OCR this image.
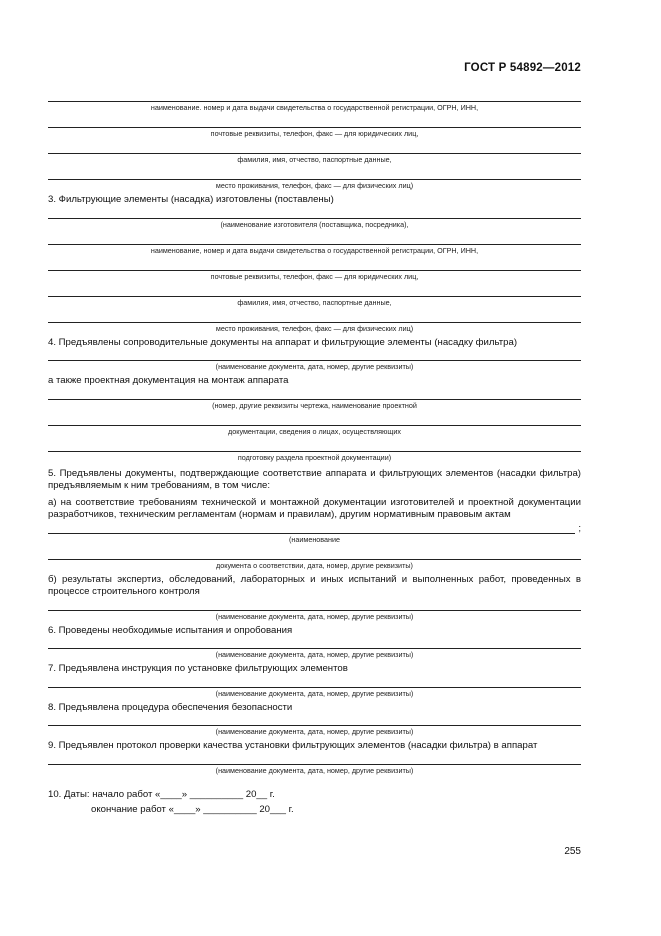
ГОСТ Р 54892—2012
наименование. номер и дата выдачи свидетельства о государственной регистрации, ОГРН, ИНН,
почтовые реквизиты, телефон, факс — для юридических лиц,
фамилия, имя, отчество, паспортные данные,
место проживания, телефон, факс — для физических лиц)
3. Фильтрующие элементы (насадка) изготовлены (поставлены)
(наименование изготовителя (поставщика, посредника),
наименование, номер и дата выдачи свидетельства о государственной регистрации, ОГРН, ИНН,
почтовые реквизиты, телефон, факс — для юридических лиц,
фамилия, имя, отчество, паспортные данные,
место проживания, телефон, факс — для физических лиц)
4. Предъявлены сопроводительные документы на аппарат и фильтрующие элементы (насадку фильтра)
(наименование документа, дата, номер, другие реквизиты)
а также проектная документация на монтаж аппарата
(номер, другие реквизиты чертежа, наименование проектной
документации, сведения о лицах, осуществляющих
подготовку раздела проектной документации)
5. Предъявлены документы, подтверждающие соответствие аппарата и фильтрующих элементов (насадки фильтра) предъявляемым к ним требованиям, в том числе:
а) на соответствие требованиям технической и монтажной документации изготовителей и проектной документации разработчиков, техническим регламентам (нормам и правилам), другим нормативным правовым актам
;
(наименование
документа о соответствии, дата, номер, другие реквизиты)
б) результаты экспертиз, обследований, лабораторных и иных испытаний и выполненных работ, проведенных в процессе строительного контроля
(наименование документа, дата, номер, другие реквизиты)
6. Проведены необходимые испытания и опробования
(наименование документа, дата, номер, другие реквизиты)
7. Предъявлена инструкция по установке фильтрующих элементов
(наименование документа, дата, номер, другие реквизиты)
8. Предъявлена процедура обеспечения безопасности
(наименование документа, дата, номер, другие реквизиты)
9. Предъявлен протокол проверки качества установки фильтрующих элементов (насадки фильтра) в аппарат
(наименование документа, дата, номер, другие реквизиты)
10. Даты: начало работ «____» __________ 20__ г.
окончание работ «____» __________ 20___ г.
255
